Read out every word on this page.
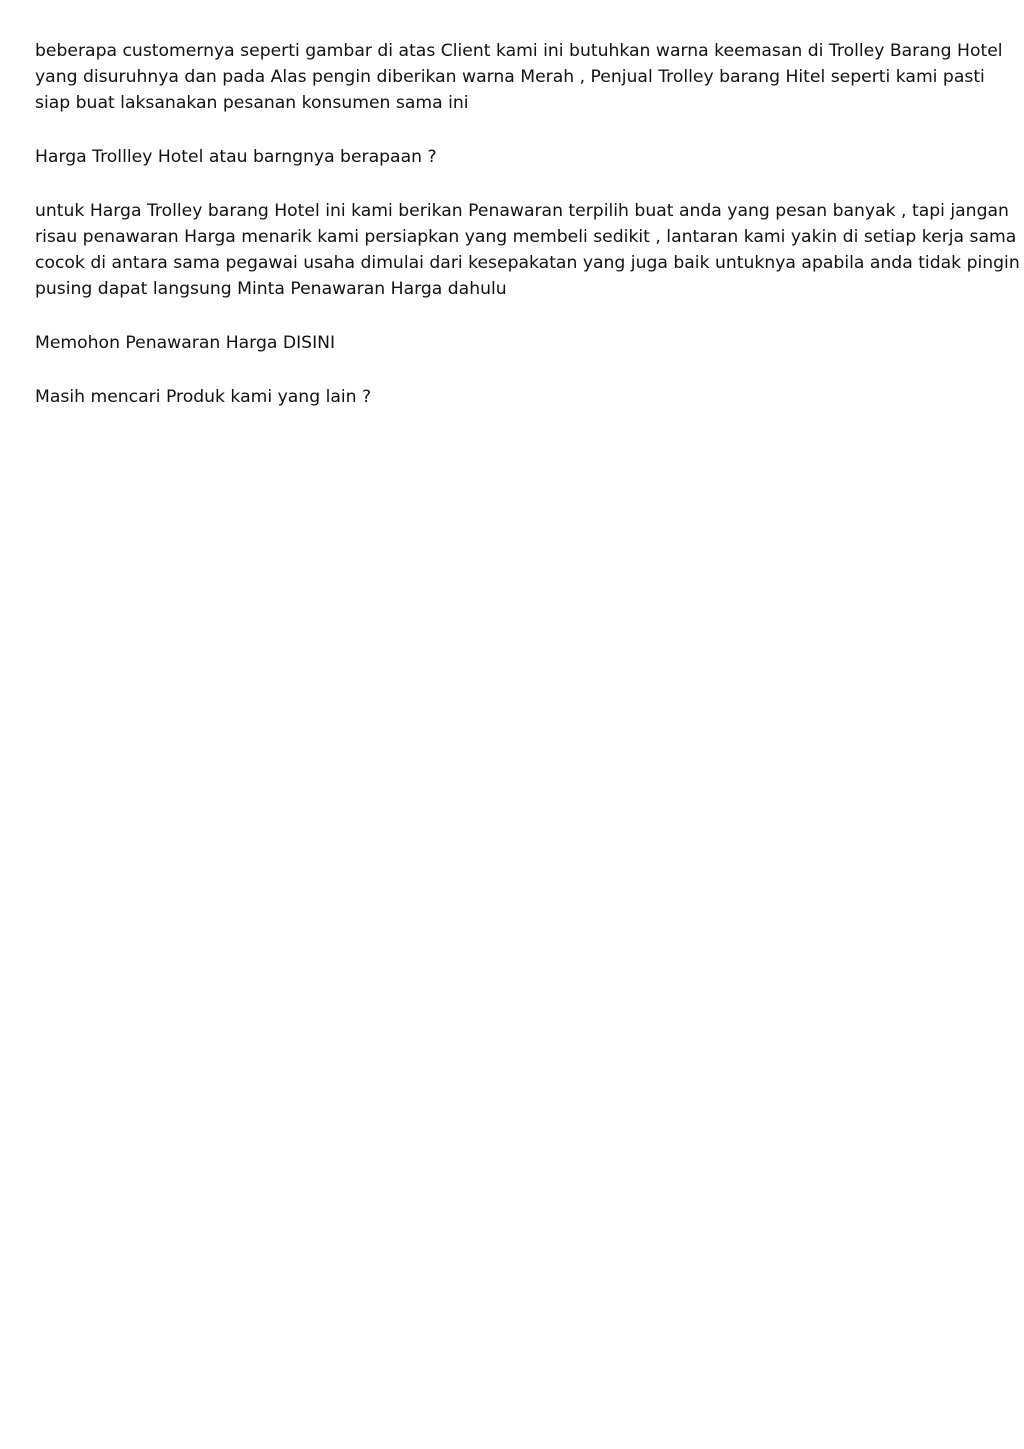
beberapa customernya seperti gambar di atas Client kami ini butuhkan warna keemasan di Trolley Barang Hotel
yang disuruhnya dan pada Alas pengin diberikan warna Merah , Penjual Trolley barang Hitel seperti kami pasti
siap buat laksanakan pesanan konsumen sama ini

Harga Trollley Hotel atau barngnya berapaan ?

untuk Harga Trolley barang Hotel ini kami berikan Penawaran terpilih buat anda yang pesan banyak , tapi jangan
risau penawaran Harga menarik kami persiapkan yang membeli sedikit , lantaran kami yakin di setiap kerja sama
cocok di antara sama pegawai usaha dimulai dari kesepakatan yang juga baik untuknya apabila anda tidak pingin
pusing dapat langsung Minta Penawaran Harga dahulu

Memohon Penawaran Harga DISINI

Masih mencari Produk kami yang lain ?
